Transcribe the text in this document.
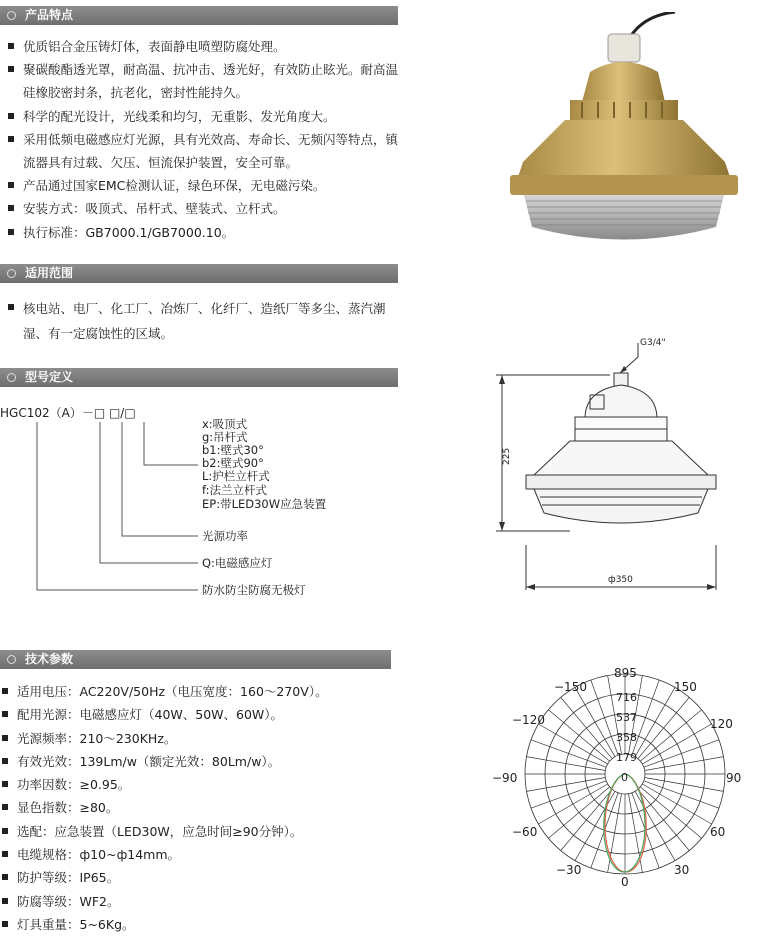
产品特点
优质铝合金压铸灯体，表面静电喷塑防腐处理。
聚碳酸酯透光罩，耐高温、抗冲击、透光好，有效防止眩光。耐高温硅橡胶密封条，抗老化，密封性能持久。
科学的配光设计，光线柔和均匀，无重影、发光角度大。
采用低频电磁感应灯光源，具有光效高、寿命长、无频闪等特点，镇流器具有过载、欠压、恒流保护装置，安全可靠。
产品通过国家EMC检测认证，绿色环保，无电磁污染。
安装方式：吸顶式、吊杆式、壁装式、立杆式。
执行标准：GB7000.1/GB7000.10。
适用范围
核电站、电厂、化工厂、冶炼厂、化纤厂、造纸厂等多尘、蒸汽潮湿、有一定腐蚀性的区域。
型号定义
HGC102（A）－□ □/□
x:吸顶式
g:吊杆式
b1:壁式30°
b2:壁式90°
L:护栏立杆式
f:法兰立杆式
EP:带LED30W应急装置
光源功率
Q:电磁感应灯
防水防尘防腐无极灯
G3/4"
225
ф350
技术参数
适用电压：AC220V/50Hz（电压宽度：160～270V）。
配用光源：电磁感应灯（40W、50W、60W）。
光源频率：210～230KHz。
有效光效：139Lm/w（额定光效：80Lm/w）。
功率因数：≥0.95。
显色指数：≥80。
选配：应急装置（LED30W，应急时间≥90分钟）。
电缆规格：ф10~ф14mm。
防护等级：IP65。
防腐等级：WF2。
灯具重量：5~6Kg。
895
716
537
358
179
0
−150	150
−120	120
−90	90
−60	60
−30	30
0
